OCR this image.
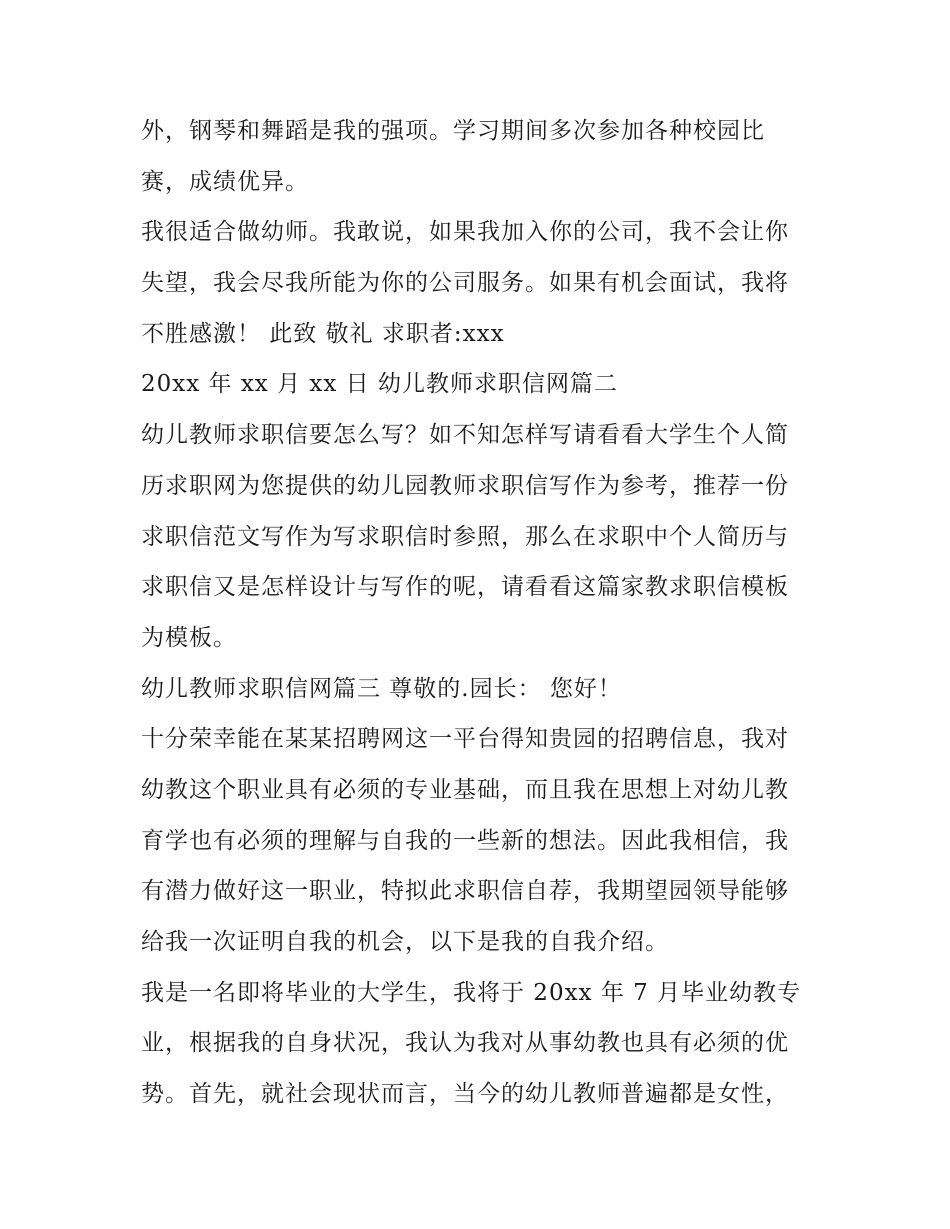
外，钢琴和舞蹈是我的强项。学习期间多次参加各种校园比
赛，成绩优异。
我很适合做幼师。我敢说，如果我加入你的公司，我不会让你
失望，我会尽我所能为你的公司服务。如果有机会面试，我将
不胜感激！ 此致 敬礼 求职者:xxx
20xx 年 xx 月 xx 日 幼儿教师求职信网篇二
幼儿教师求职信要怎么写？如不知怎样写请看看大学生个人简
历求职网为您提供的幼儿园教师求职信写作为参考，推荐一份
求职信范文写作为写求职信时参照，那么在求职中个人简历与
求职信又是怎样设计与写作的呢，请看看这篇家教求职信模板
为模板。
幼儿教师求职信网篇三 尊敬的.园长： 您好！
十分荣幸能在某某招聘网这一平台得知贵园的招聘信息，我对
幼教这个职业具有必须的专业基础，而且我在思想上对幼儿教
育学也有必须的理解与自我的一些新的想法。因此我相信，我
有潜力做好这一职业，特拟此求职信自荐，我期望园领导能够
给我一次证明自我的机会，以下是我的自我介绍。
我是一名即将毕业的大学生，我将于 20xx 年 7 月毕业幼教专
业，根据我的自身状况，我认为我对从事幼教也具有必须的优
势。首先，就社会现状而言，当今的幼儿教师普遍都是女性，
